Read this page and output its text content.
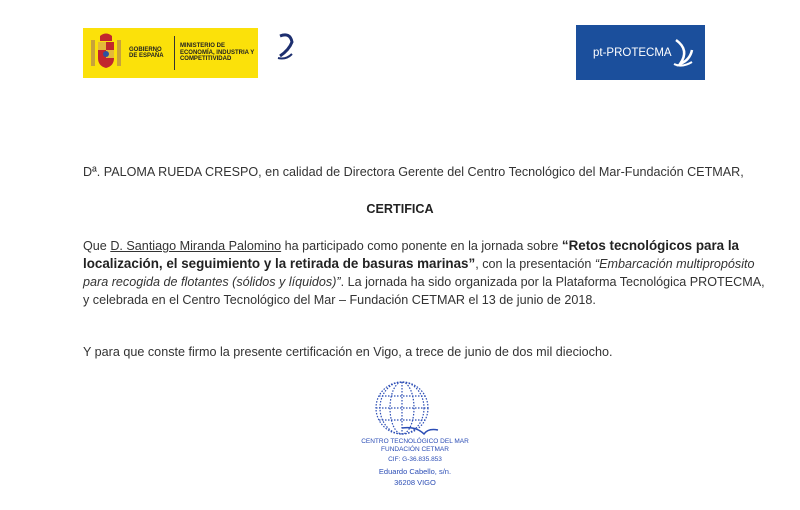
GOBIERNO DE ESPAÑA
MINISTERIO DE ECONOMÍA, INDUSTRIA Y COMPETITIVIDAD
pt-PROTECMA
Dª. PALOMA RUEDA CRESPO, en calidad de Directora Gerente del Centro Tecnológico del Mar-Fundación CETMAR,
CERTIFICA
Que D. Santiago Miranda Palomino ha participado como ponente en la jornada sobre “Retos tecnológicos para la
localización, el seguimiento y la retirada de basuras marinas”, con la presentación “Embarcación multipropósito
para recogida de flotantes (sólidos y líquidos)”. La jornada ha sido organizada por la Plataforma Tecnológica PROTECMA,
y celebrada en el Centro Tecnológico del Mar – Fundación CETMAR el 13 de junio de 2018.
Y para que conste firmo la presente certificación en Vigo, a trece de junio de dos mil dieciocho.
CENTRO TECNOLÓGICO DEL MAR
FUNDACIÓN CETMAR
CIF: G-36.835.853
Eduardo Cabello, s/n.
36208 VIGO
